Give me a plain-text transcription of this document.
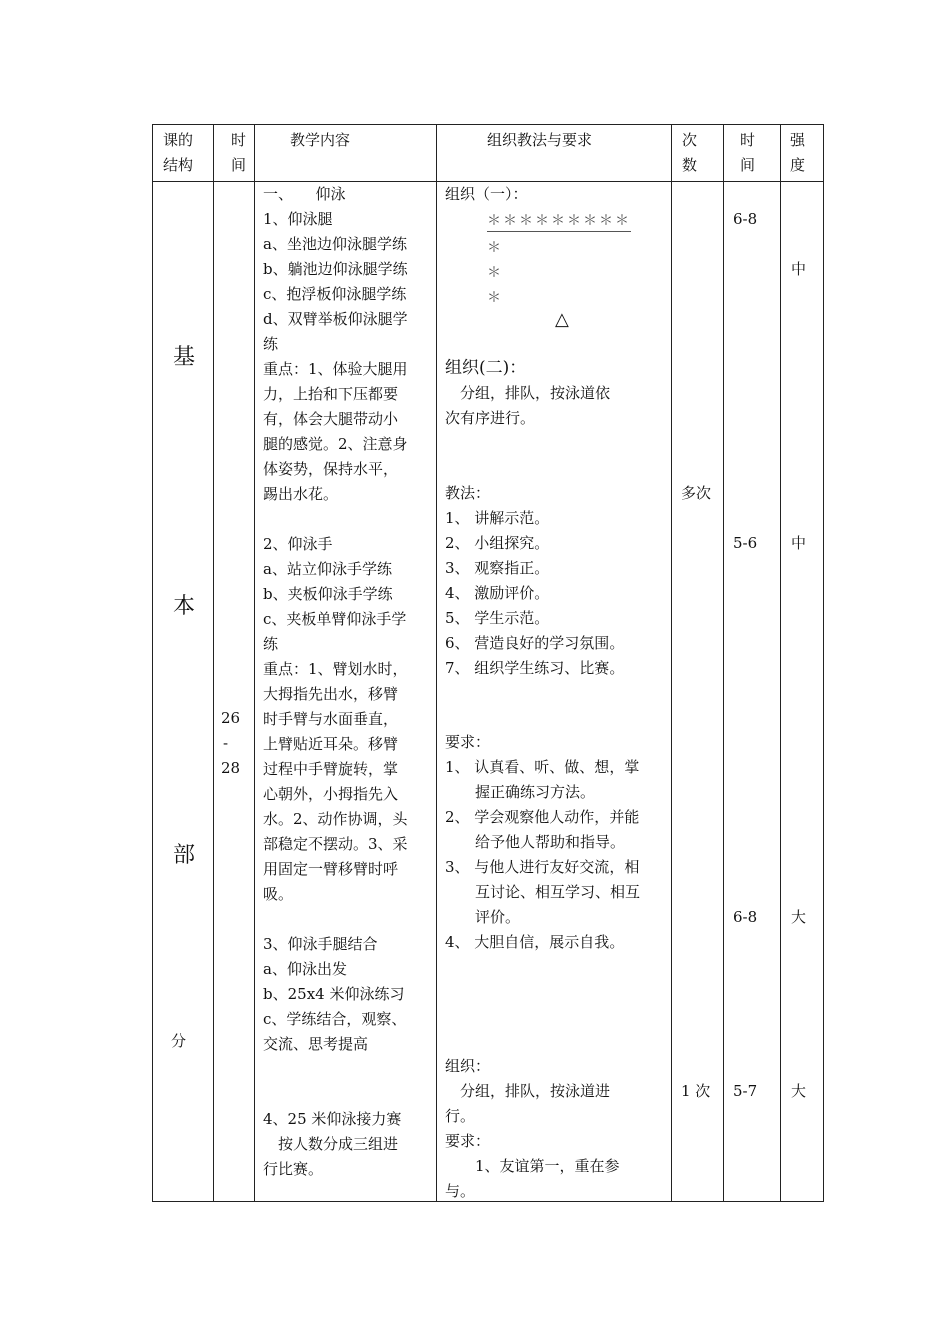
课的
结构
时
间
教学内容	组织教法与要求	次
数
时
间
强
度
基
本
部
分
26
-
28
一、　　仰泳
1、仰泳腿
a、坐池边仰泳腿学练
b、躺池边仰泳腿学练
c、抱浮板仰泳腿学练
d、双臂举板仰泳腿学
练
重点：1、体验大腿用
力，上抬和下压都要
有，体会大腿带动小
腿的感觉。2、注意身
体姿势，保持水平，
踢出水花。
2、仰泳手
a、站立仰泳手学练
b、夹板仰泳手学练
c、夹板单臂仰泳手学
练
重点：1、臂划水时，
大拇指先出水，移臂
时手臂与水面垂直，
上臂贴近耳朵。移臂
过程中手臂旋转，掌
心朝外，小拇指先入
水。2、动作协调，头
部稳定不摆动。3、采
用固定一臂移臂时呼
吸。
3、仰泳手腿结合
a、仰泳出发
b、25x4 米仰泳练习
c、学练结合，观察、
交流、思考提高
4、25 米仰泳接力赛
　按人数分成三组进
行比赛。
组织（一）：
＊＊＊＊＊＊＊＊＊
＊
＊
＊
△
组织(二)：
　分组，排队，按泳道依
次有序进行。
教法：
1、 讲解示范。
2、 小组探究。
3、 观察指正。
4、 激励评价。
5、 学生示范。
6、 营造良好的学习氛围。
7、 组织学生练习、比赛。
要求：
1、 认真看、听、做、想，掌
　　握正确练习方法。
2、 学会观察他人动作，并能
　　给予他人帮助和指导。
3、 与他人进行友好交流，相
　　互讨论、相互学习、相互
　　评价。
4、 大胆自信，展示自我。
组织：
　分组，排队，按泳道进
行。
要求：
　　1、友谊第一，重在参
与。
多次
1 次
6-8
5-6
6-8
5-7
中
中
大
大
